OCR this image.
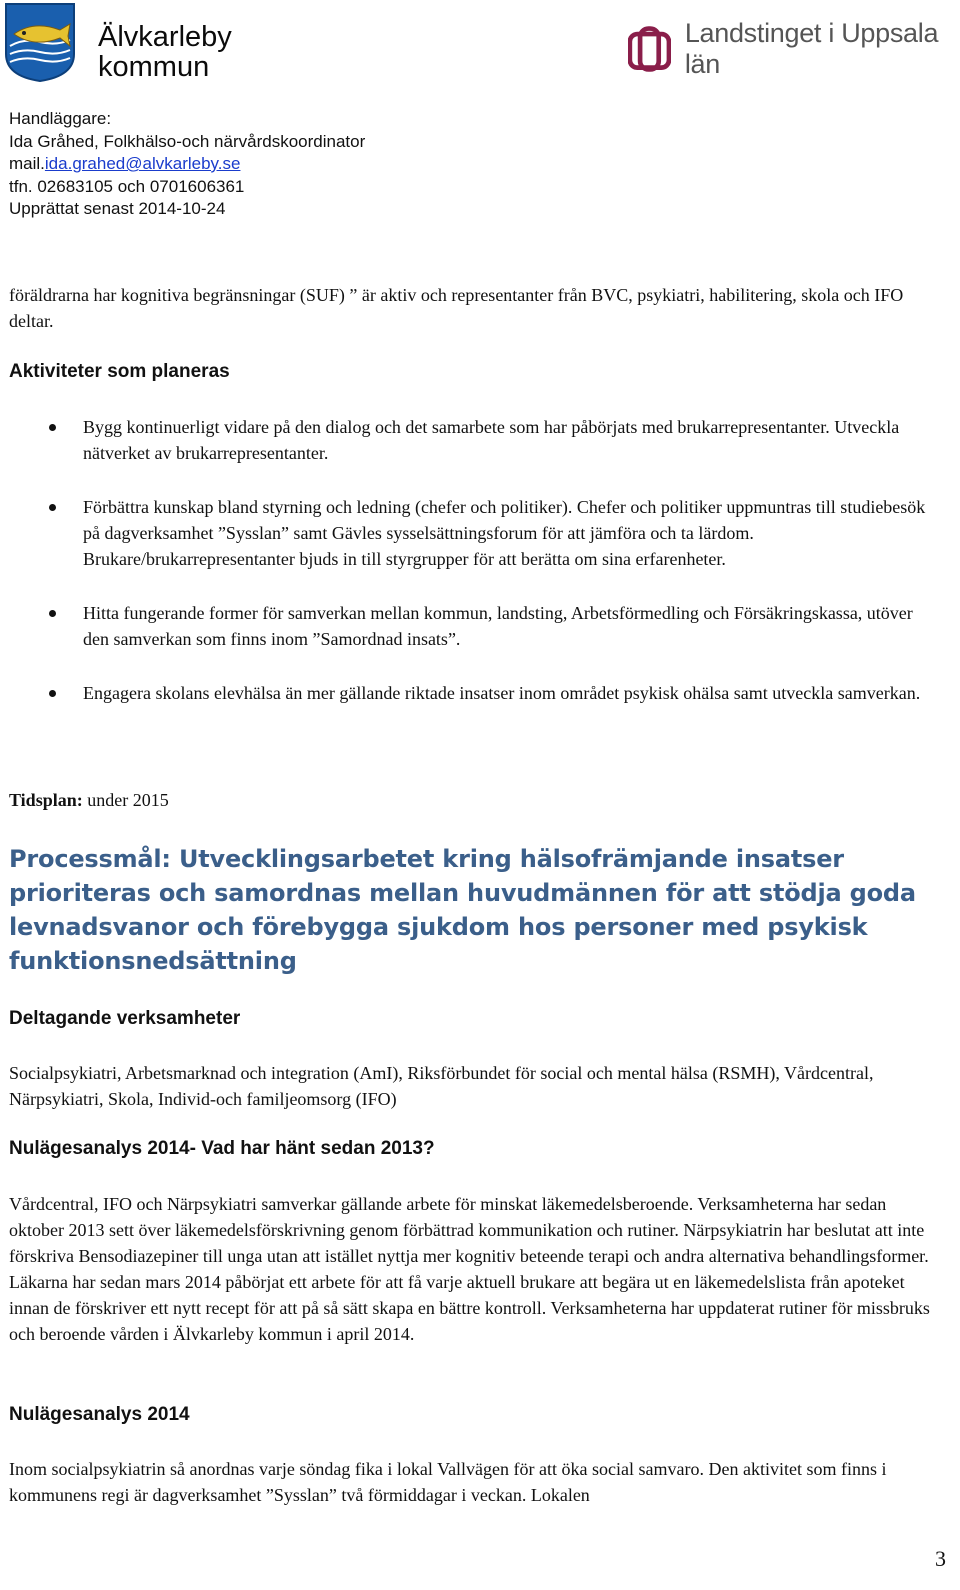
Älvkarleby
kommun
Landstinget i Uppsala län
Handläggare:
Ida Gråhed, Folkhälso-och närvårdskoordinator
mail.ida.grahed@alvkarleby.se
tfn. 02683105 och 0701606361
Upprättat senast 2014-10-24
föräldrarna har kognitiva begränsningar (SUF) ” är aktiv och representanter från BVC, psykiatri, habilitering, skola och IFO deltar.
Aktiviteter som planeras
Bygg kontinuerligt vidare på den dialog och det samarbete som har påbörjats med brukarrepresentanter. Utveckla nätverket av brukarrepresentanter.
Förbättra kunskap bland styrning och ledning (chefer och politiker). Chefer och politiker uppmuntras till studiebesök på dagverksamhet ”Sysslan” samt Gävles sysselsättningsforum för att jämföra och ta lärdom. Brukare/brukarrepresentanter bjuds in till styrgrupper för att berätta om sina erfarenheter.
Hitta fungerande former för samverkan mellan kommun, landsting, Arbetsförmedling och Försäkringskassa, utöver den samverkan som finns inom ”Samordnad insats”.
Engagera skolans elevhälsa än mer gällande riktade insatser inom området psykisk ohälsa samt utveckla samverkan.
Tidsplan: under 2015
Processmål: Utvecklingsarbetet kring hälsofrämjande insatser prioriteras och samordnas mellan huvudmännen för att stödja goda levnadsvanor och förebygga sjukdom hos personer med psykisk funktionsnedsättning
Deltagande verksamheter
Socialpsykiatri, Arbetsmarknad och integration (AmI), Riksförbundet för social och mental hälsa (RSMH), Vårdcentral, Närpsykiatri, Skola, Individ-och familjeomsorg (IFO)
Nulägesanalys 2014- Vad har hänt sedan 2013?
Vårdcentral, IFO och Närpsykiatri samverkar gällande arbete för minskat läkemedelsberoende. Verksamheterna har sedan oktober 2013 sett över läkemedelsförskrivning genom förbättrad kommunikation och rutiner. Närpsykiatrin har beslutat att inte förskriva Bensodiazepiner till unga utan att istället nyttja mer kognitiv beteende terapi och andra alternativa behandlingsformer. Läkarna har sedan mars 2014 påbörjat ett arbete för att få varje aktuell brukare att begära ut en läkemedelslista från apoteket innan de förskriver ett nytt recept för att på så sätt skapa en bättre kontroll. Verksamheterna har uppdaterat rutiner för missbruks och beroende vården i Älvkarleby kommun i april 2014.
Nulägesanalys 2014
Inom socialpsykiatrin så anordnas varje söndag fika i lokal Vallvägen för att öka social samvaro. Den aktivitet som finns i kommunens regi är dagverksamhet ”Sysslan” två förmiddagar i veckan. Lokalen
3
